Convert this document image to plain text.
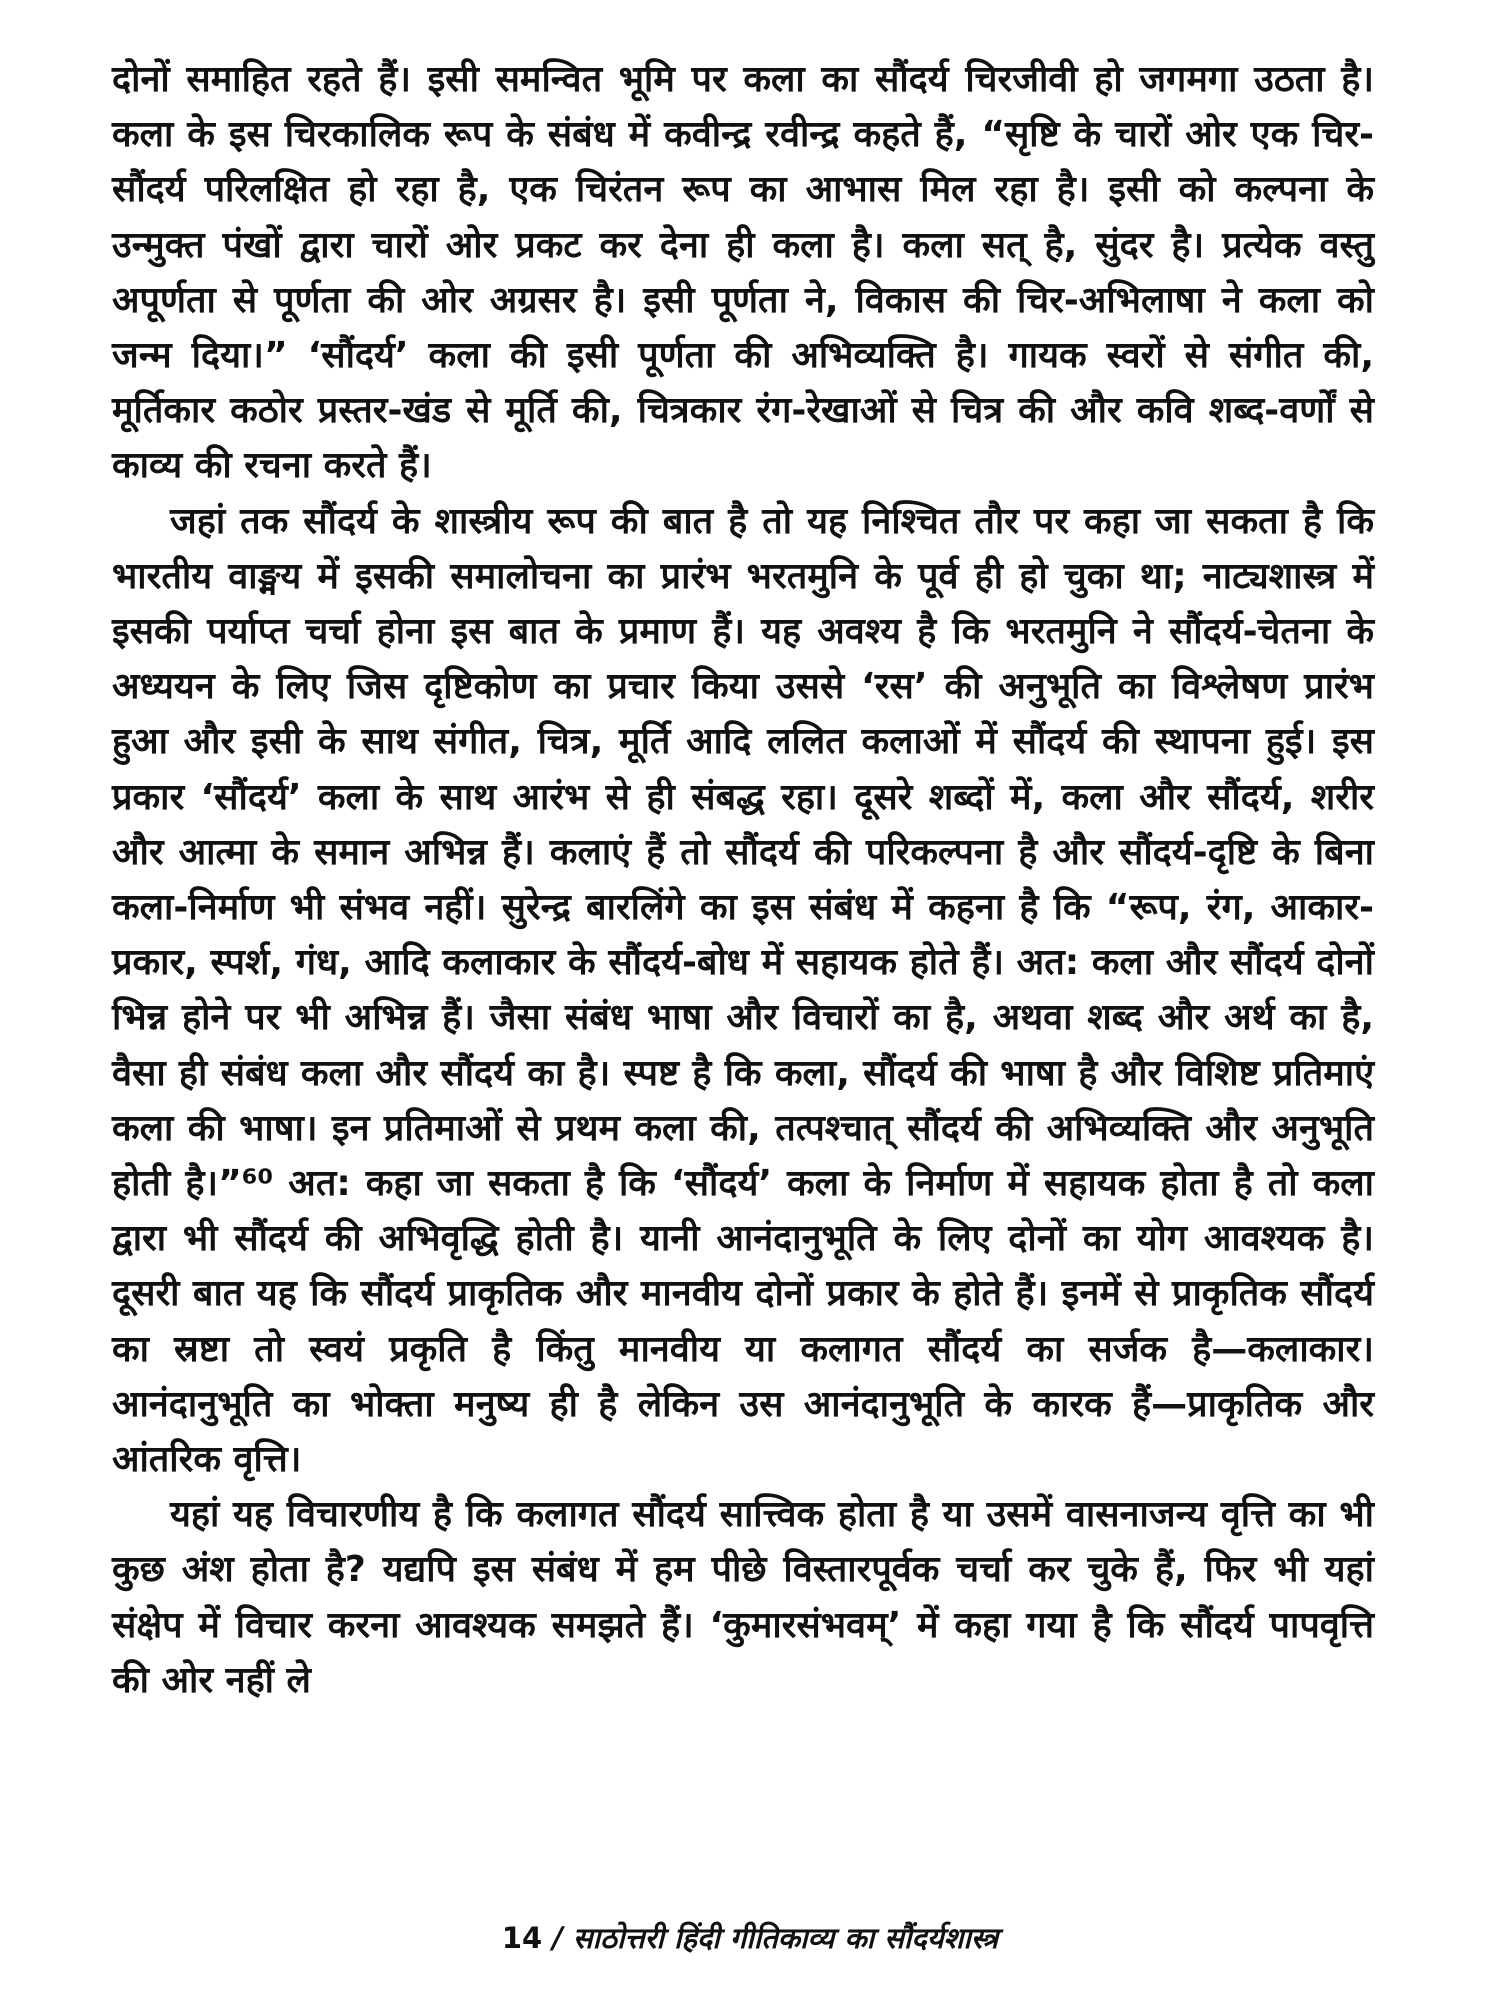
दोनों समाहित रहते हैं। इसी समन्वित भूमि पर कला का सौंदर्य चिरजीवी हो जगमगा उठता है। कला के इस चिरकालिक रूप के संबंध में कवीन्द्र रवीन्द्र कहते हैं, “सृष्टि के चारों ओर एक चिर-सौंदर्य परिलक्षित हो रहा है, एक चिरंतन रूप का आभास मिल रहा है। इसी को कल्पना के उन्मुक्त पंखों द्वारा चारों ओर प्रकट कर देना ही कला है। कला सत् है, सुंदर है। प्रत्येक वस्तु अपूर्णता से पूर्णता की ओर अग्रसर है। इसी पूर्णता ने, विकास की चिर-अभिलाषा ने कला को जन्म दिया।” ‘सौंदर्य’ कला की इसी पूर्णता की अभिव्यक्ति है। गायक स्वरों से संगीत की, मूर्तिकार कठोर प्रस्तर-खंड से मूर्ति की, चित्रकार रंग-रेखाओं से चित्र की और कवि शब्द-वर्णों से काव्य की रचना करते हैं।

जहां तक सौंदर्य के शास्त्रीय रूप की बात है तो यह निश्चित तौर पर कहा जा सकता है कि भारतीय वाङ्मय में इसकी समालोचना का प्रारंभ भरतमुनि के पूर्व ही हो चुका था; नाट्यशास्त्र में इसकी पर्याप्त चर्चा होना इस बात के प्रमाण हैं। यह अवश्य है कि भरतमुनि ने सौंदर्य-चेतना के अध्ययन के लिए जिस दृष्टिकोण का प्रचार किया उससे ‘रस’ की अनुभूति का विश्लेषण प्रारंभ हुआ और इसी के साथ संगीत, चित्र, मूर्ति आदि ललित कलाओं में सौंदर्य की स्थापना हुई। इस प्रकार ‘सौंदर्य’ कला के साथ आरंभ से ही संबद्ध रहा। दूसरे शब्दों में, कला और सौंदर्य, शरीर और आत्मा के समान अभिन्न हैं। कलाएं हैं तो सौंदर्य की परिकल्पना है और सौंदर्य-दृष्टि के बिना कला-निर्माण भी संभव नहीं। सुरेन्द्र बारलिंगे का इस संबंध में कहना है कि “रूप, रंग, आकार-प्रकार, स्पर्श, गंध, आदि कलाकार के सौंदर्य-बोध में सहायक होते हैं। अत: कला और सौंदर्य दोनों भिन्न होने पर भी अभिन्न हैं। जैसा संबंध भाषा और विचारों का है, अथवा शब्द और अर्थ का है, वैसा ही संबंध कला और सौंदर्य का है। स्पष्ट है कि कला, सौंदर्य की भाषा है और विशिष्ट प्रतिमाएं कला की भाषा। इन प्रतिमाओं से प्रथम कला की, तत्पश्चात् सौंदर्य की अभिव्यक्ति और अनुभूति होती है।”⁶⁰ अत: कहा जा सकता है कि ‘सौंदर्य’ कला के निर्माण में सहायक होता है तो कला द्वारा भी सौंदर्य की अभिवृद्धि होती है। यानी आनंदानुभूति के लिए दोनों का योग आवश्यक है। दूसरी बात यह कि सौंदर्य प्राकृतिक और मानवीय दोनों प्रकार के होते हैं। इनमें से प्राकृतिक सौंदर्य का स्रष्टा तो स्वयं प्रकृति है किंतु मानवीय या कलागत सौंदर्य का सर्जक है—कलाकार। आनंदानुभूति का भोक्ता मनुष्य ही है लेकिन उस आनंदानुभूति के कारक हैं—प्राकृतिक और आंतरिक वृत्ति।

यहां यह विचारणीय है कि कलागत सौंदर्य सात्त्विक होता है या उसमें वासनाजन्य वृत्ति का भी कुछ अंश होता है? यद्यपि इस संबंध में हम पीछे विस्तारपूर्वक चर्चा कर चुके हैं, फिर भी यहां संक्षेप में विचार करना आवश्यक समझते हैं। ‘कुमारसंभवम्’ में कहा गया है कि सौंदर्य पापवृत्ति की ओर नहीं ले

14 / साठोत्तरी हिंदी गीतिकाव्य का सौंदर्यशास्त्र
